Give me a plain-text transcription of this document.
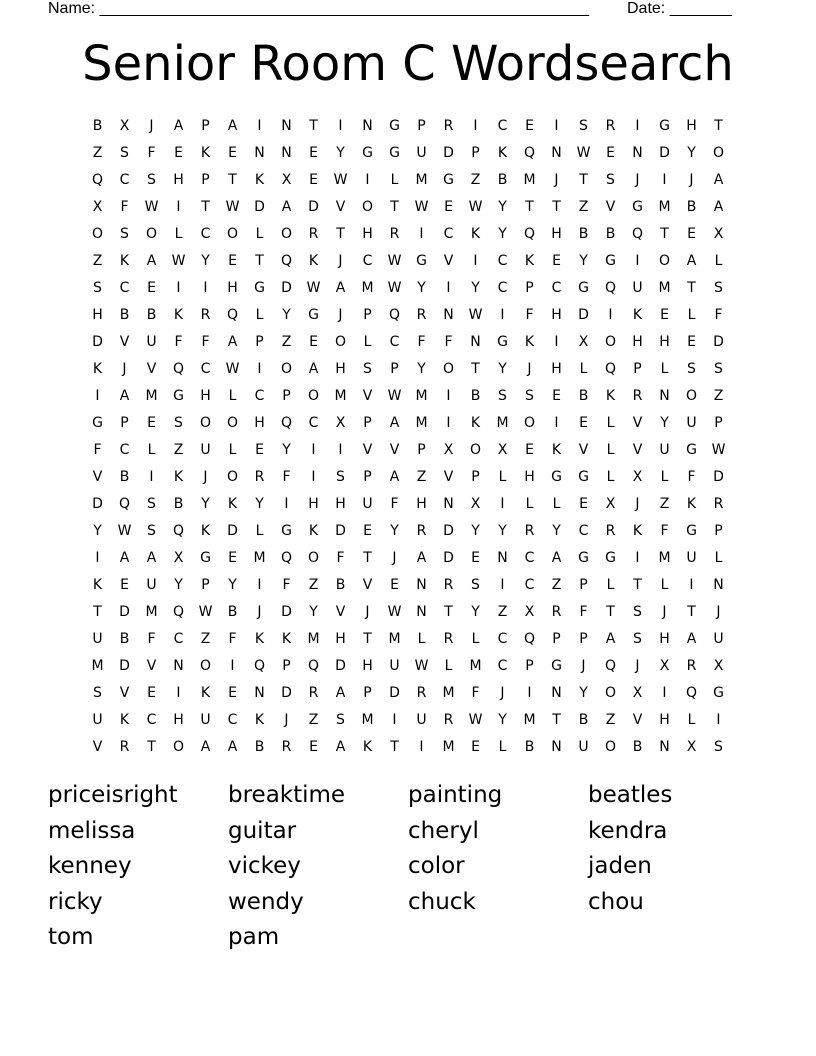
Name: _______________________________________________________ Date: _______
Senior Room C Wordsearch
B	X	J	A	P	A	I	N	T	I	N	G	P	R	I	C	E	I	S	R	I	G	H	T
Z	S	F	E	K	E	N	N	E	Y	G	G	U	D	P	K	Q	N	W	E	N	D	Y	O
Q	C	S	H	P	T	K	X	E	W	I	L	M	G	Z	B	M	J	T	S	J	I	J	A
X	F	W	I	T	W	D	A	D	V	O	T	W	E	W	Y	T	T	Z	V	G	M	B	A
O	S	O	L	C	O	L	O	R	T	H	R	I	C	K	Y	Q	H	B	B	Q	T	E	X
Z	K	A	W	Y	E	T	Q	K	J	C	W	G	V	I	C	K	E	Y	G	I	O	A	L
S	C	E	I	I	H	G	D	W	A	M	W	Y	I	Y	C	P	C	G	Q	U	M	T	S
H	B	B	K	R	Q	L	Y	G	J	P	Q	R	N	W	I	F	H	D	I	K	E	L	F
D	V	U	F	F	A	P	Z	E	O	L	C	F	F	N	G	K	I	X	O	H	H	E	D
K	J	V	Q	C	W	I	O	A	H	S	P	Y	O	T	Y	J	H	L	Q	P	L	S	S
I	A	M	G	H	L	C	P	O	M	V	W	M	I	B	S	S	E	B	K	R	N	O	Z
G	P	E	S	O	O	H	Q	C	X	P	A	M	I	K	M	O	I	E	L	V	Y	U	P
F	C	L	Z	U	L	E	Y	I	I	V	V	P	X	O	X	E	K	V	L	V	U	G	W
V	B	I	K	J	O	R	F	I	S	P	A	Z	V	P	L	H	G	G	L	X	L	F	D
D	Q	S	B	Y	K	Y	I	H	H	U	F	H	N	X	I	L	L	E	X	J	Z	K	R
Y	W	S	Q	K	D	L	G	K	D	E	Y	R	D	Y	Y	R	Y	C	R	K	F	G	P
I	A	A	X	G	E	M	Q	O	F	T	J	A	D	E	N	C	A	G	G	I	M	U	L
K	E	U	Y	P	Y	I	F	Z	B	V	E	N	R	S	I	C	Z	P	L	T	L	I	N
T	D	M	Q	W	B	J	D	Y	V	J	W	N	T	Y	Z	X	R	F	T	S	J	T	J
U	B	F	C	Z	F	K	K	M	H	T	M	L	R	L	C	Q	P	P	A	S	H	A	U
M	D	V	N	O	I	Q	P	Q	D	H	U	W	L	M	C	P	G	J	Q	J	X	R	X
S	V	E	I	K	E	N	D	R	A	P	D	R	M	F	J	I	N	Y	O	X	I	Q	G
U	K	C	H	U	C	K	J	Z	S	M	I	U	R	W	Y	M	T	B	Z	V	H	L	I
V	R	T	O	A	A	B	R	E	A	K	T	I	M	E	L	B	N	U	O	B	N	X	S
priceisright	breaktime	painting	beatles
melissa	guitar	cheryl	kendra
kenney	vickey	color	jaden
ricky	wendy	chuck	chou
tom	pam
